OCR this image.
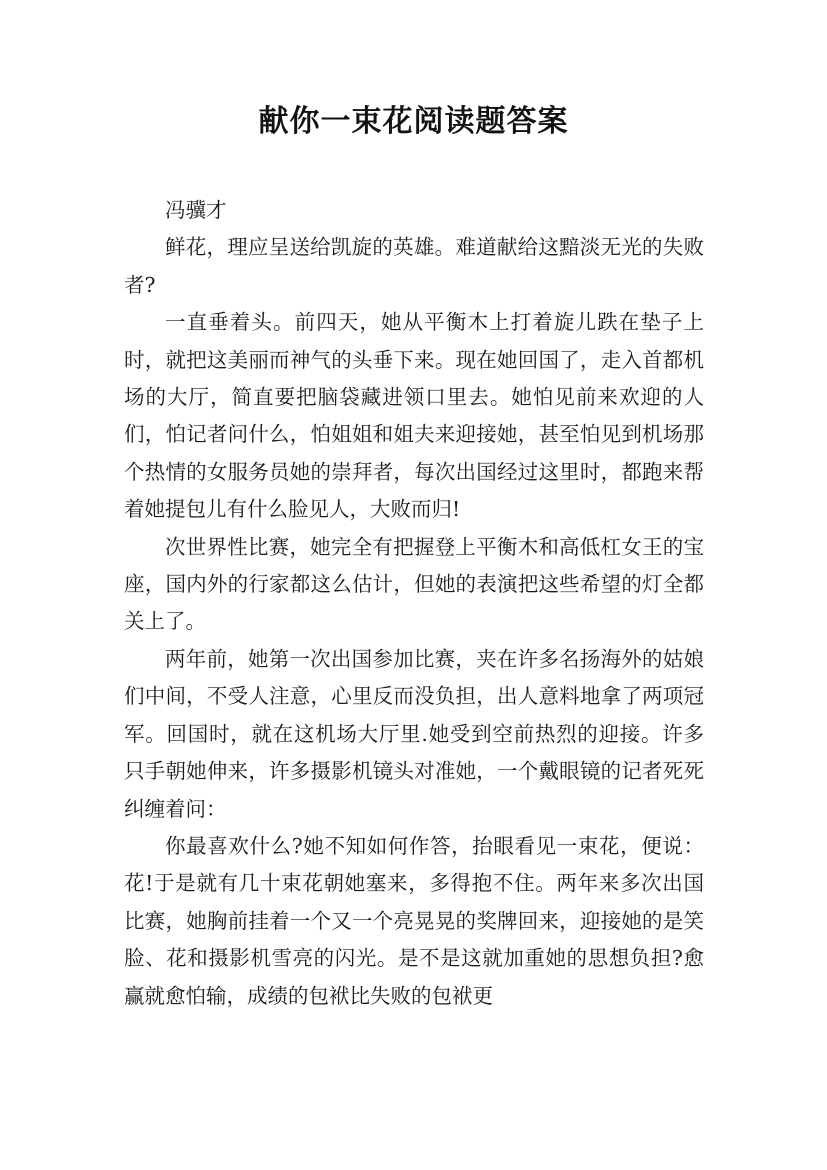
献你一束花阅读题答案

冯骥才

鲜花，理应呈送给凯旋的英雄。难道献给这黯淡无光的失败者?

一直垂着头。前四天，她从平衡木上打着旋儿跌在垫子上时，就把这美丽而神气的头垂下来。现在她回国了，走入首都机场的大厅，简直要把脑袋藏进领口里去。她怕见前来欢迎的人们，怕记者问什么，怕姐姐和姐夫来迎接她，甚至怕见到机场那个热情的女服务员她的崇拜者，每次出国经过这里时，都跑来帮着她提包儿有什么脸见人，大败而归!

次世界性比赛，她完全有把握登上平衡木和高低杠女王的宝座，国内外的行家都这么估计，但她的表演把这些希望的灯全都关上了。

两年前，她第一次出国参加比赛，夹在许多名扬海外的姑娘们中间，不受人注意，心里反而没负担，出人意料地拿了两项冠军。回国时，就在这机场大厅里.她受到空前热烈的迎接。许多只手朝她伸来，许多摄影机镜头对准她，一个戴眼镜的记者死死纠缠着问：

你最喜欢什么?她不知如何作答，抬眼看见一束花，便说：花!于是就有几十束花朝她塞来，多得抱不住。两年来多次出国比赛，她胸前挂着一个又一个亮晃晃的奖牌回来，迎接她的是笑脸、花和摄影机雪亮的闪光。是不是这就加重她的思想负担?愈赢就愈怕输，成绩的包袱比失败的包袱更
